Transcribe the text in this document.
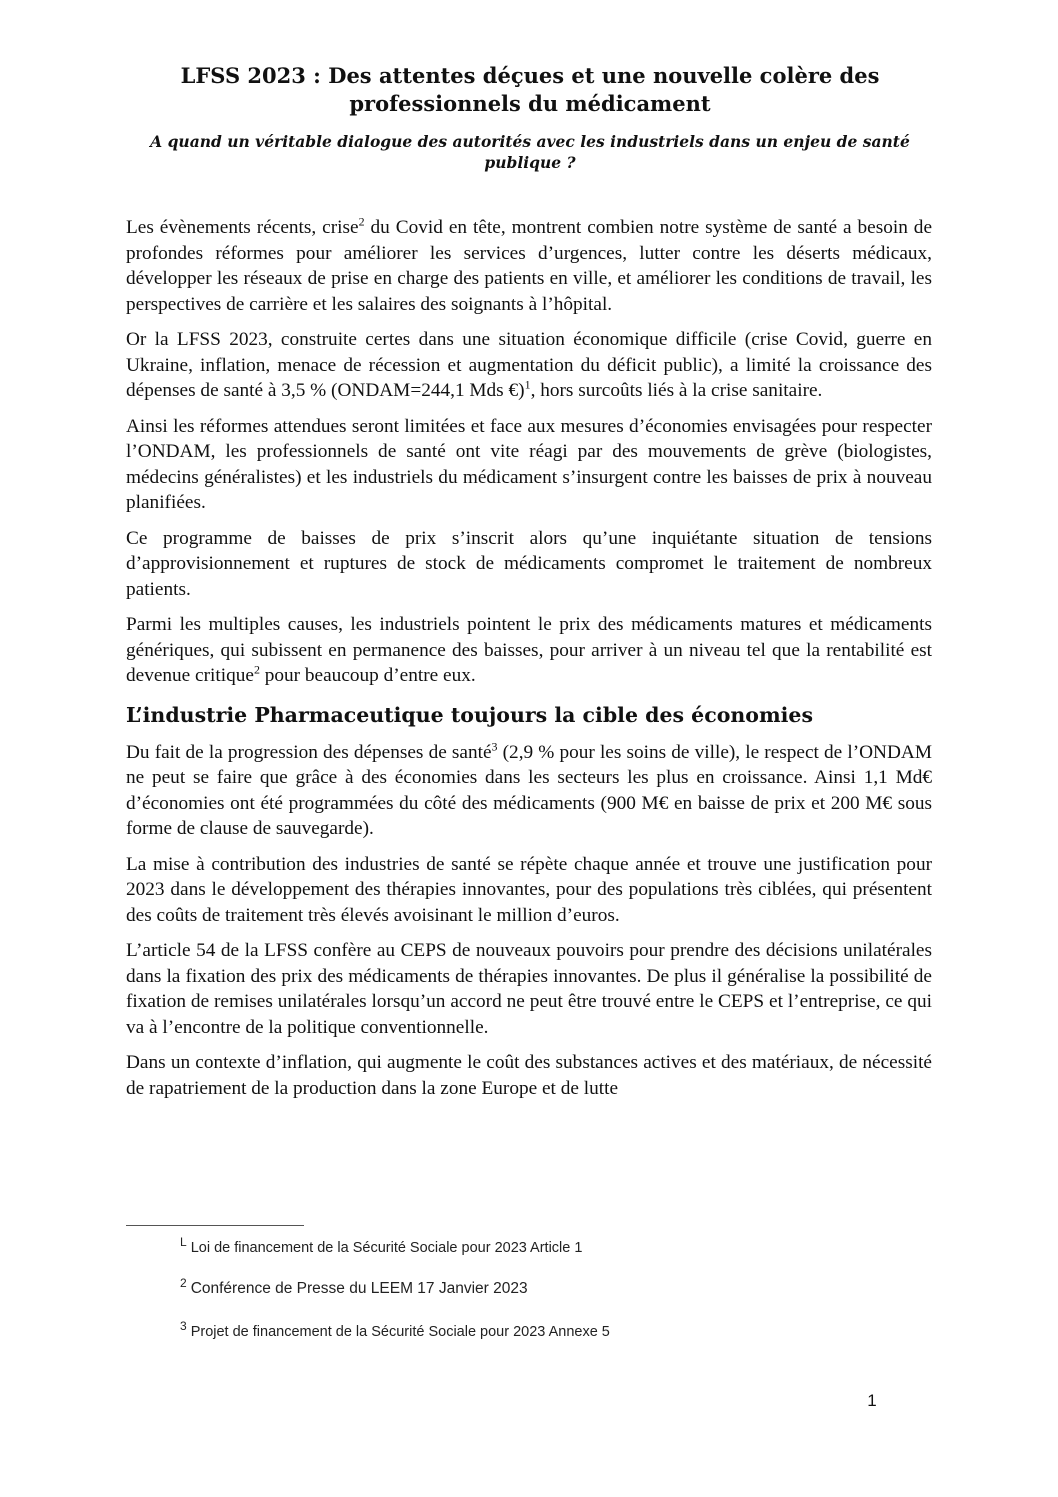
LFSS 2023 : Des attentes déçues et une nouvelle colère des professionnels du médicament

A quand un véritable dialogue des autorités avec les industriels dans un enjeu de santé publique ?

Les évènements récents, crise$^2$ du Covid en tête, montrent combien notre système de santé a besoin de profondes réformes pour améliorer les services d’urgences, lutter contre les déserts médicaux, développer les réseaux de prise en charge des patients en ville, et améliorer les conditions de travail, les perspectives de carrière et les salaires des soignants à l’hôpital.

Or la LFSS 2023, construite certes dans une situation économique difficile (crise Covid, guerre en Ukraine, inflation, menace de récession et augmentation du déficit public), a limité la croissance des dépenses de santé à 3,5 % (ONDAM=244,1 Mds €)$^1$, hors surcoûts liés à la crise sanitaire.

Ainsi les réformes attendues seront limitées et face aux mesures d’économies envisagées pour respecter l’ONDAM, les professionnels de santé ont vite réagi par des mouvements de grève (biologistes, médecins généralistes) et les industriels du médicament s’insurgent contre les baisses de prix à nouveau planifiées.

Ce programme de baisses de prix s’inscrit alors qu’une inquiétante situation de tensions d’approvisionnement et ruptures de stock de médicaments compromet le traitement de nombreux patients.

Parmi les multiples causes, les industriels pointent le prix des médicaments matures et médicaments génériques, qui subissent en permanence des baisses, pour arriver à un niveau tel que la rentabilité est devenue critique$^2$ pour beaucoup d’entre eux.

L’industrie Pharmaceutique toujours la cible des économies

Du fait de la progression des dépenses de santé$^3$ (2,9 % pour les soins de ville), le respect de l’ONDAM ne peut se faire que grâce à des économies dans les secteurs les plus en croissance. Ainsi 1,1 Md€ d’économies ont été programmées du côté des médicaments (900 M€ en baisse de prix et 200 M€ sous forme de clause de sauvegarde).

La mise à contribution des industries de santé se répète chaque année et trouve une justification pour 2023 dans le développement des thérapies innovantes, pour des populations très ciblées, qui présentent des coûts de traitement très élevés avoisinant le million d’euros.

L’article 54 de la LFSS confère au CEPS de nouveaux pouvoirs pour prendre des décisions unilatérales dans la fixation des prix des médicaments de thérapies innovantes. De plus il généralise la possibilité de fixation de remises unilatérales lorsqu’un accord ne peut être trouvé entre le CEPS et l’entreprise, ce qui va à l’encontre de la politique conventionnelle.

Dans un contexte d’inflation, qui augmente le coût des substances actives et des matériaux, de nécessité de rapatriement de la production dans la zone Europe et de lutte

$^L$ Loi de financement de la Sécurité Sociale pour 2023 Article 1

$^2$ Conférence de Presse du LEEM 17 Janvier 2023

$^3$ Projet de financement de la Sécurité Sociale pour 2023 Annexe 5

1
